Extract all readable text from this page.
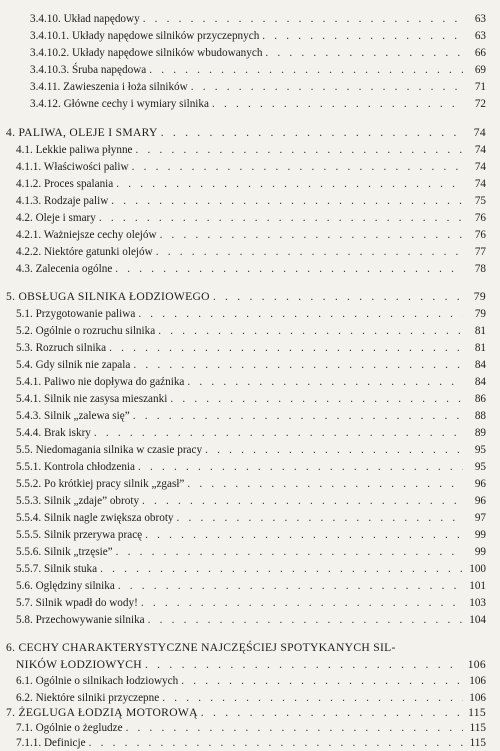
3.4.10. Układ napędowy . . .	63
3.4.10.1. Układy napędowe silników przyczepnych . . .	63
3.4.10.2. Układy napędowe silników wbudowanych . . .	66
3.4.10.3. Śruba napędowa . . .	69
3.4.11. Zawieszenia i łoża silników . . .	71
3.4.12. Główne cechy i wymiary silnika . . .	72
4. PALIWA, OLEJE I SMARY . . .	74
4.1. Lekkie paliwa płynne . . .	74
4.1.1. Właściwości paliw . . .	74
4.1.2. Proces spalania . . .	74
4.1.3. Rodzaje paliw . . .	75
4.2. Oleje i smary . . .	76
4.2.1. Ważniejsze cechy olejów . . .	76
4.2.2. Niektóre gatunki olejów . . .	77
4.3. Zalecenia ogólne . . .	78
5. OBSŁUGA SILNIKA ŁODZIOWEGO . . .	79
5.1. Przygotowanie paliwa . . .	79
5.2. Ogólnie o rozruchu silnika . . .	81
5.3. Rozruch silnika . . .	81
5.4. Gdy silnik nie zapala . . .	84
5.4.1. Paliwo nie dopływa do gaźnika . . .	84
5.4.1. Silnik nie zasysa mieszanki . . .	86
5.4.3. Silnik „zalewa się” . . .	88
5.4.4. Brak iskry . . .	89
5.5. Niedomagania silnika w czasie pracy . . .	95
5.5.1. Kontrola chłodzenia . . .	95
5.5.2. Po krótkiej pracy silnik „zgasł” . . .	96
5.5.3. Silnik „zdaje” obroty . . .	96
5.5.4. Silnik nagle zwiększa obroty . . .	97
5.5.5. Silnik przerywa pracę . . .	99
5.5.6. Silnik „trzęsie” . . .	99
5.5.7. Silnik stuka . . .	100
5.6. Oględziny silnika . . .	101
5.7. Silnik wpadł do wody! . . .	103
5.8. Przechowywanie silnika . . .	104
6. CECHY CHARAKTERYSTYCZNE NAJCZĘŚCIEJ SPOTYKANYCH SIL-
NIKÓW ŁODZIOWYCH . . .	106
6.1. Ogólnie o silnikach łodziowych . . .	106
6.2. Niektóre silniki przyczepne . . .	106
7. ŻEGLUGA ŁODZIĄ MOTOROWĄ . . .	115
7.1. Ogólnie o żegludze . . .	115
7.1.1. Definicje . . .	115
